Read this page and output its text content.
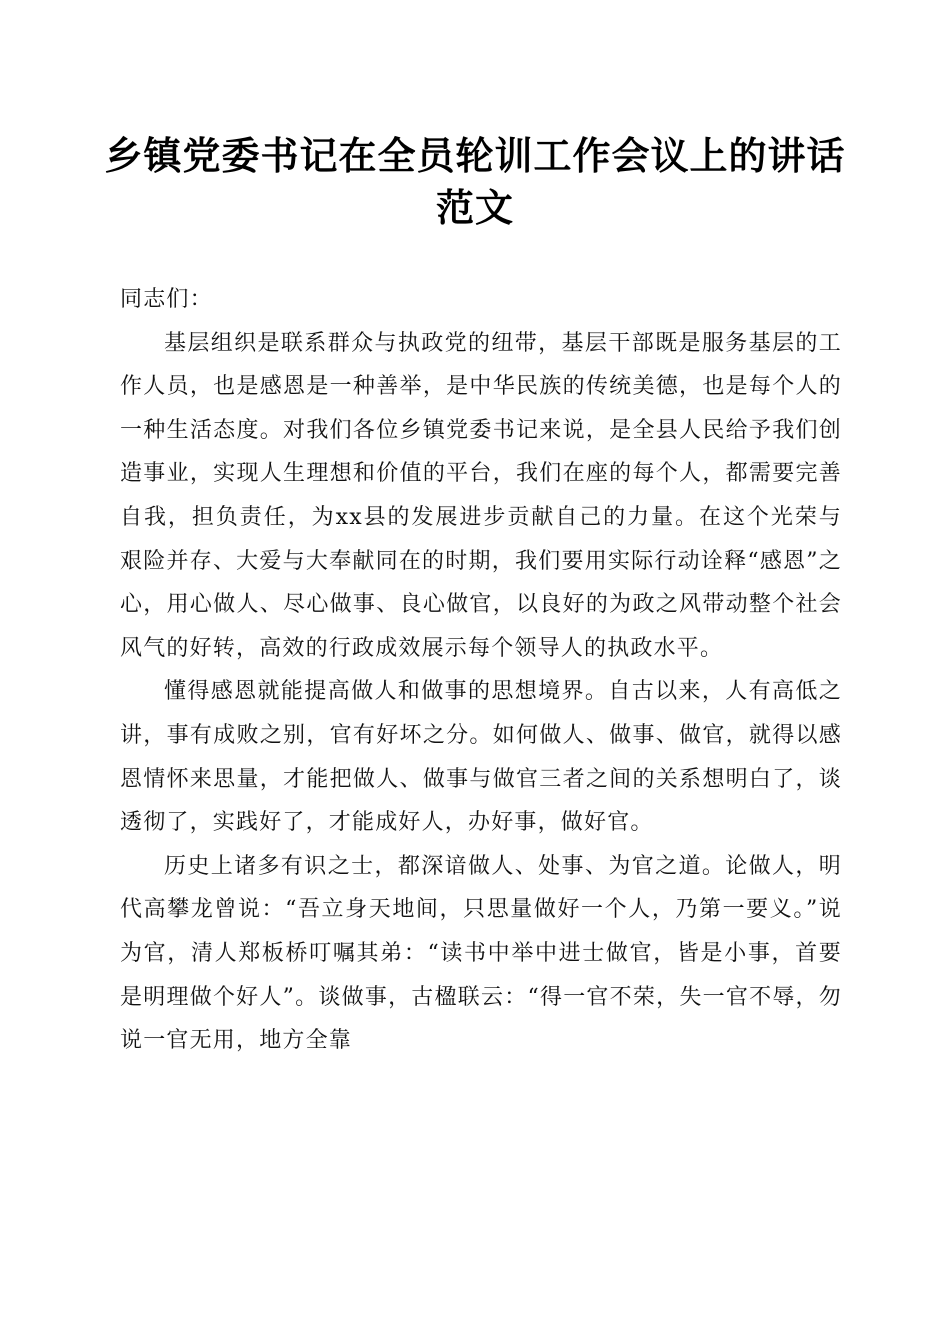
乡镇党委书记在全员轮训工作会议上的讲话范文

同志们：

基层组织是联系群众与执政党的纽带，基层干部既是服务基层的工作人员，也是感恩是一种善举，是中华民族的传统美德，也是每个人的一种生活态度。对我们各位乡镇党委书记来说，是全县人民给予我们创造事业，实现人生理想和价值的平台，我们在座的每个人，都需要完善自我，担负责任，为xx县的发展进步贡献自己的力量。在这个光荣与艰险并存、大爱与大奉献同在的时期，我们要用实际行动诠释“感恩”之心，用心做人、尽心做事、良心做官，以良好的为政之风带动整个社会风气的好转，高效的行政成效展示每个领导人的执政水平。

懂得感恩就能提高做人和做事的思想境界。自古以来，人有高低之讲，事有成败之别，官有好坏之分。如何做人、做事、做官，就得以感恩情怀来思量，才能把做人、做事与做官三者之间的关系想明白了，谈透彻了，实践好了，才能成好人，办好事，做好官。

历史上诸多有识之士，都深谙做人、处事、为官之道。论做人，明代高攀龙曾说：“吾立身天地间，只思量做好一个人，乃第一要义。”说为官，清人郑板桥叮嘱其弟：“读书中举中进士做官，皆是小事，首要是明理做个好人”。谈做事，古楹联云：“得一官不荣，失一官不辱，勿说一官无用，地方全靠
